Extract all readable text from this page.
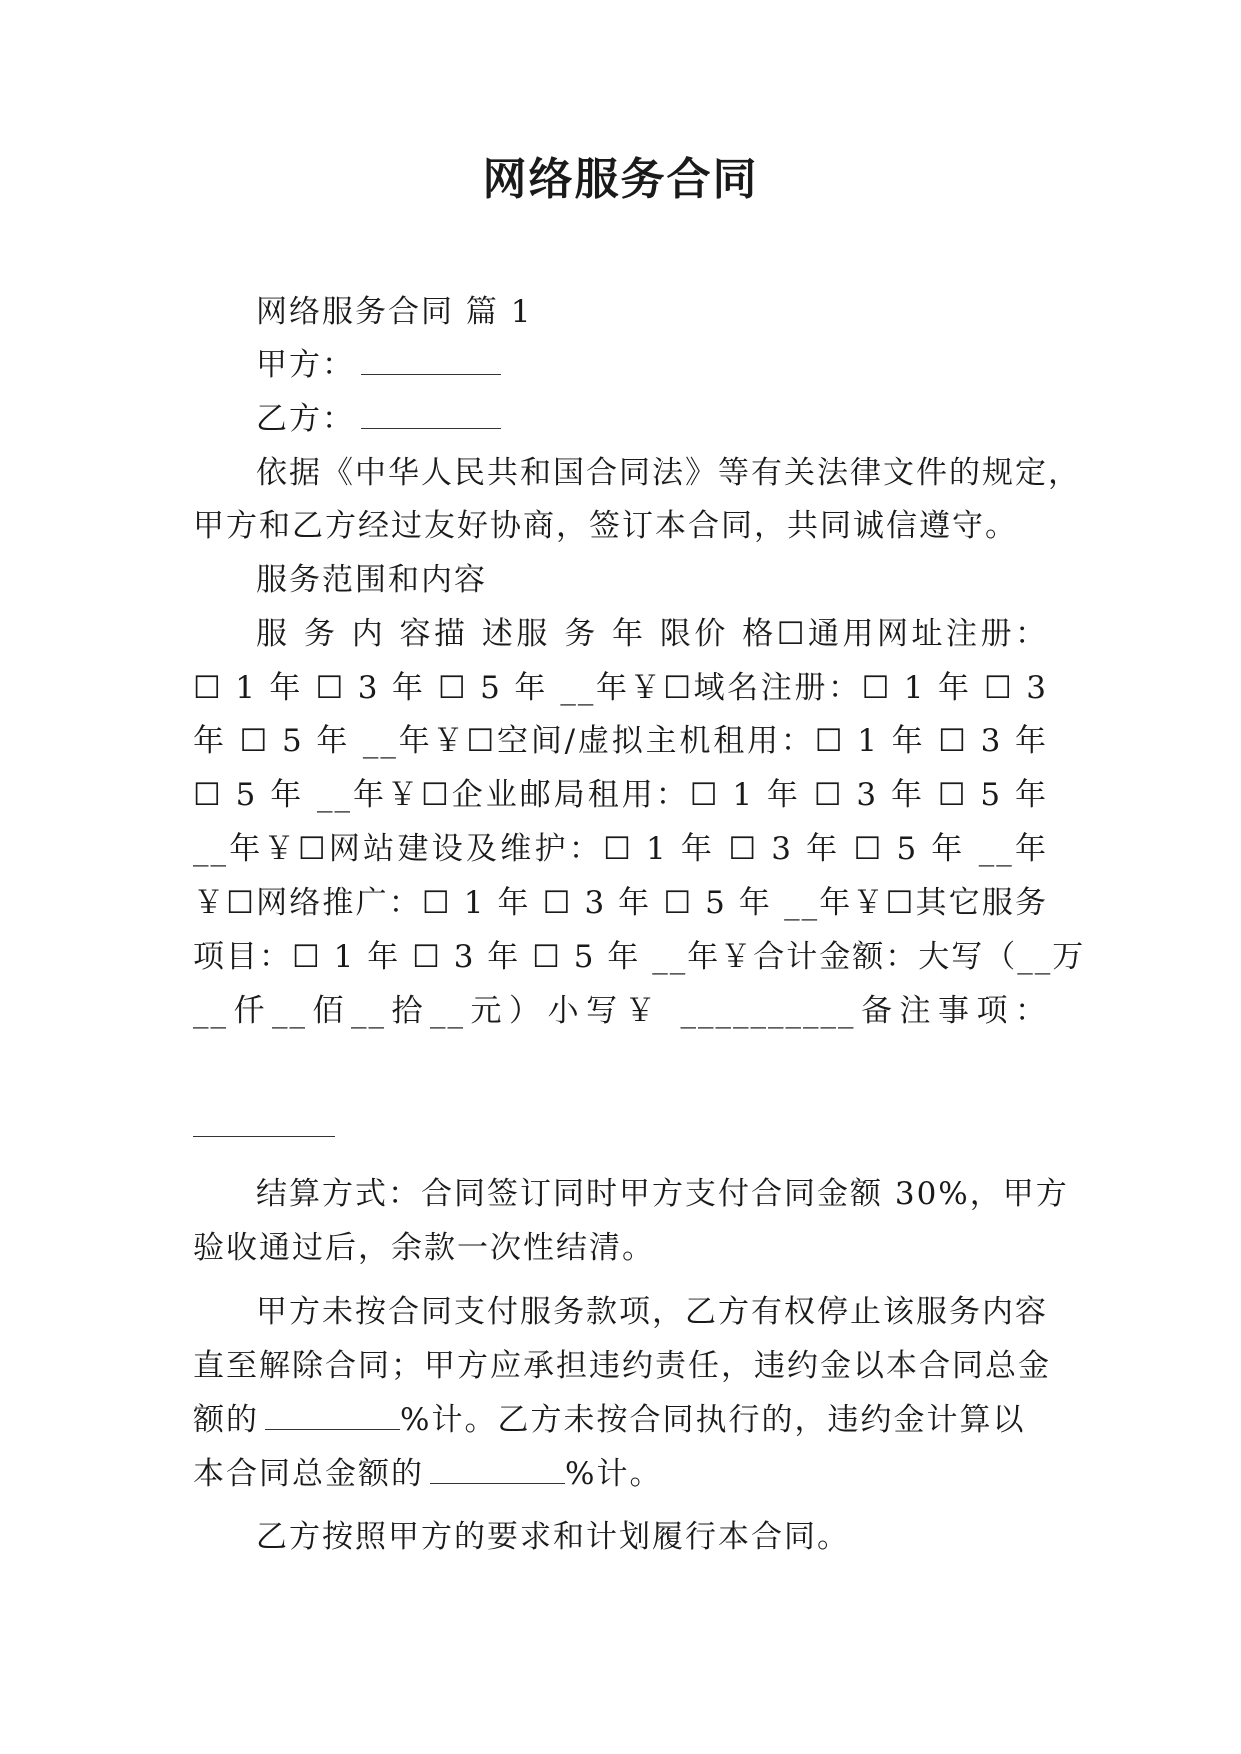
网络服务合同
网络服务合同 篇 1
甲方：
乙方：
依据《中华人民共和国合同法》等有关法律文件的规定，
甲方和乙方经过友好协商，签订本合同，共同诚信遵守。
服务范围和内容
服 务 内 容描 述服 务 年 限价 格☐通用网址注册：
☐ 1 年 ☐ 3 年 ☐ 5 年 __年￥☐域名注册：☐ 1 年 ☐ 3
年 ☐ 5 年 __年￥☐空间/虚拟主机租用：☐ 1 年 ☐ 3 年
☐ 5 年 __年￥☐企业邮局租用：☐ 1 年 ☐ 3 年 ☐ 5 年
__年￥☐网站建设及维护：☐ 1 年 ☐ 3 年 ☐ 5 年 __年
￥☐网络推广：☐ 1 年 ☐ 3 年 ☐ 5 年 __年￥☐其它服务
项目：☐ 1 年 ☐ 3 年 ☐ 5 年 __年￥合计金额：大写（__万
__仟__佰__拾__元）小写￥ __________备注事项：
结算方式：合同签订同时甲方支付合同金额 30%，甲方
验收通过后，余款一次性结清。
甲方未按合同支付服务款项，乙方有权停止该服务内容
直至解除合同；甲方应承担违约责任，违约金以本合同总金
额的	%计。乙方未按合同执行的，违约金计算以
本合同总金额的	%计。
乙方按照甲方的要求和计划履行本合同。
